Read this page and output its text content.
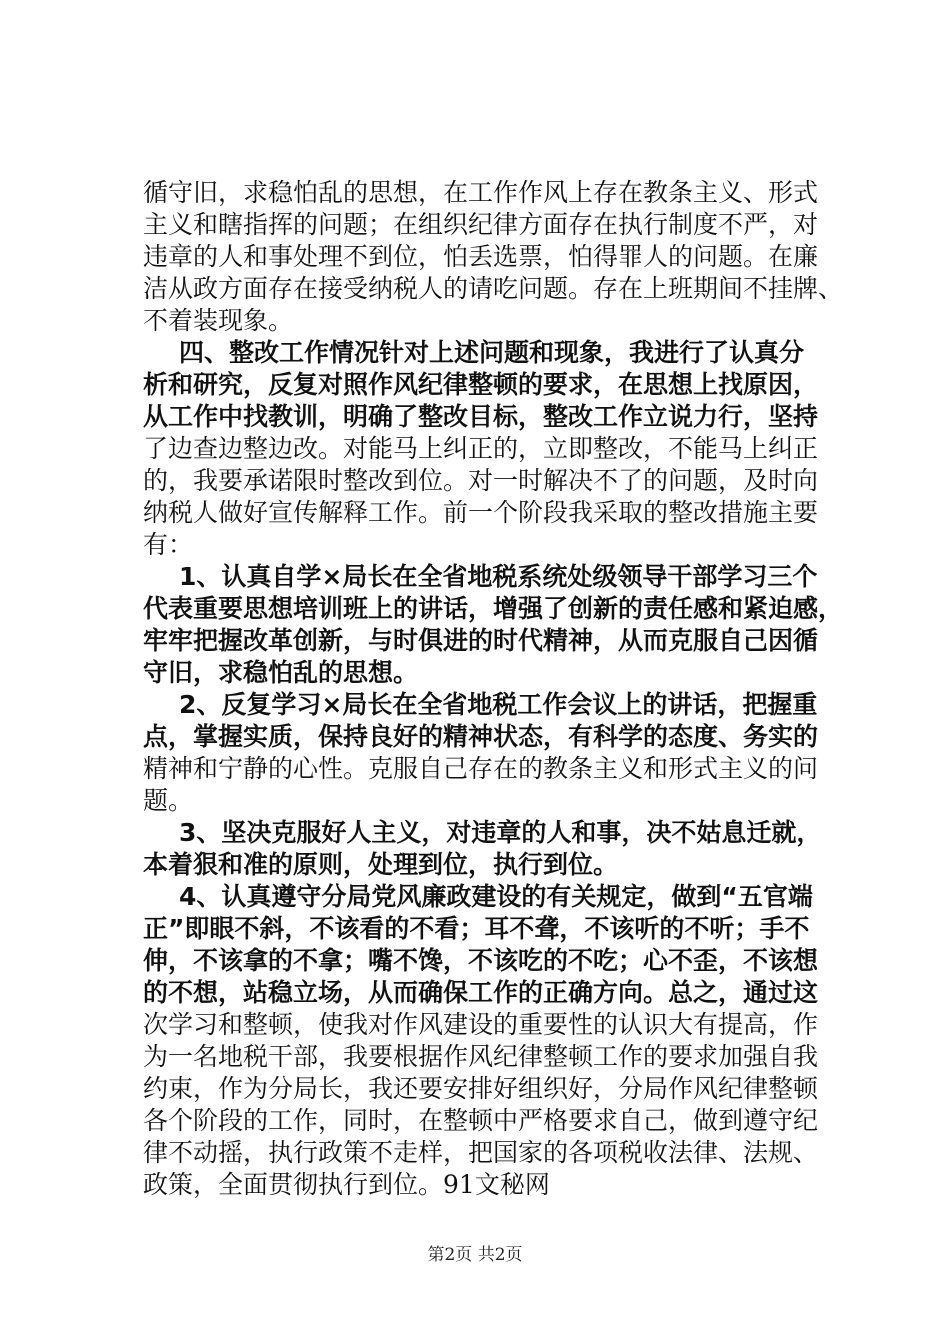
循守旧，求稳怕乱的思想，在工作作风上存在教条主义、形式
主义和瞎指挥的问题；在组织纪律方面存在执行制度不严，对
违章的人和事处理不到位，怕丢选票，怕得罪人的问题。在廉
洁从政方面存在接受纳税人的请吃问题。存在上班期间不挂牌、
不着装现象。
四、整改工作情况针对上述问题和现象，我进行了认真分
析和研究，反复对照作风纪律整顿的要求，在思想上找原因，
从工作中找教训，明确了整改目标，整改工作立说力行，坚持
了边查边整边改。对能马上纠正的，立即整改，不能马上纠正
的，我要承诺限时整改到位。对一时解决不了的问题，及时向
纳税人做好宣传解释工作。前一个阶段我采取的整改措施主要
有：
1、认真自学×局长在全省地税系统处级领导干部学习三个
代表重要思想培训班上的讲话，增强了创新的责任感和紧迫感，
牢牢把握改革创新，与时俱进的时代精神，从而克服自己因循
守旧，求稳怕乱的思想。
2、反复学习×局长在全省地税工作会议上的讲话，把握重
点，掌握实质，保持良好的精神状态，有科学的态度、务实的
精神和宁静的心性。克服自己存在的教条主义和形式主义的问
题。
3、坚决克服好人主义，对违章的人和事，决不姑息迁就，
本着狠和准的原则，处理到位，执行到位。
4、认真遵守分局党风廉政建设的有关规定，做到“五官端
正”即眼不斜，不该看的不看；耳不聋，不该听的不听；手不
伸，不该拿的不拿；嘴不馋，不该吃的不吃；心不歪，不该想
的不想，站稳立场，从而确保工作的正确方向。总之，通过这
次学习和整顿，使我对作风建设的重要性的认识大有提高，作
为一名地税干部，我要根据作风纪律整顿工作的要求加强自我
约束，作为分局长，我还要安排好组织好，分局作风纪律整顿
各个阶段的工作，同时，在整顿中严格要求自己，做到遵守纪
律不动摇，执行政策不走样，把国家的各项税收法律、法规、
政策，全面贯彻执行到位。91文秘网
第2页 共2页
